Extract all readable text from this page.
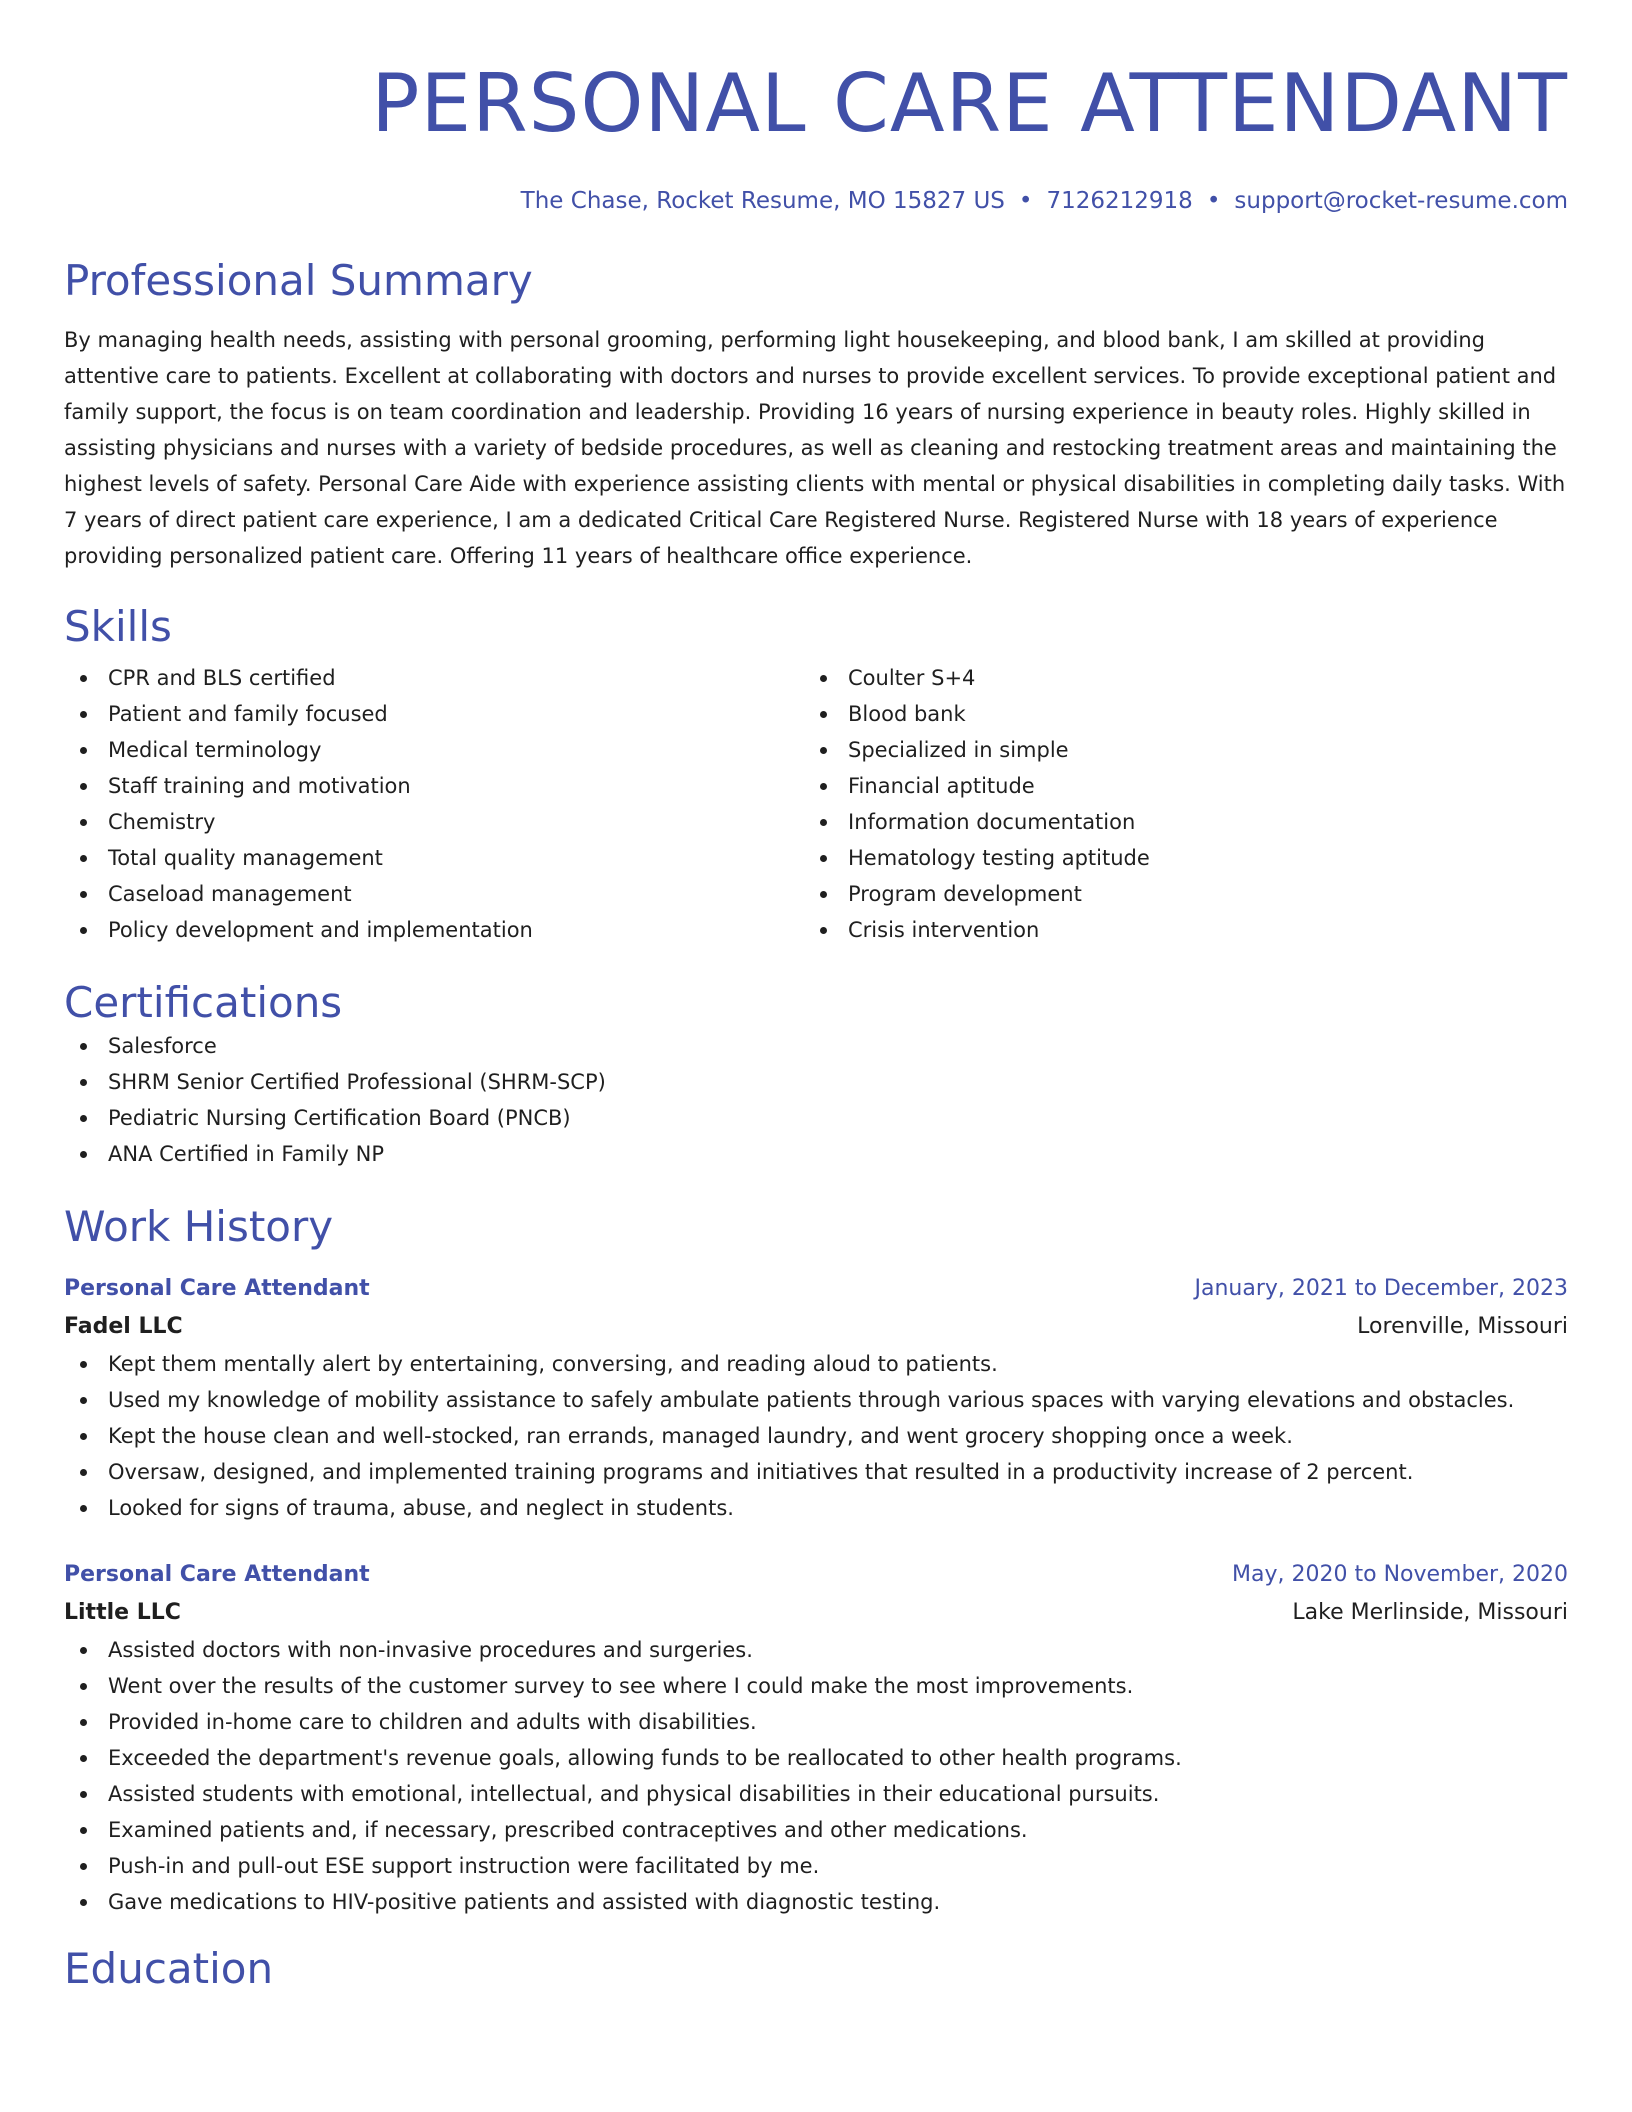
PERSONAL CARE ATTENDANT
The Chase, Rocket Resume, MO 15827 US • 7126212918 • support@rocket-resume.com
Professional Summary

By managing health needs, assisting with personal grooming, performing light housekeeping, and blood bank, I am skilled at providing attentive care to patients. Excellent at collaborating with doctors and nurses to provide excellent services. To provide exceptional patient and family support, the focus is on team coordination and leadership. Providing 16 years of nursing experience in beauty roles. Highly skilled in assisting physicians and nurses with a variety of bedside procedures, as well as cleaning and restocking treatment areas and maintaining the highest levels of safety. Personal Care Aide with experience assisting clients with mental or physical disabilities in completing daily tasks. With 7 years of direct patient care experience, I am a dedicated Critical Care Registered Nurse. Registered Nurse with 18 years of experience providing personalized patient care. Offering 11 years of healthcare office experience.

Skills
CPR and BLS certified
Patient and family focused
Medical terminology
Staff training and motivation
Chemistry
Total quality management
Caseload management
Policy development and implementation
Coulter S+4
Blood bank
Specialized in simple
Financial aptitude
Information documentation
Hematology testing aptitude
Program development
Crisis intervention
Certifications
Salesforce
SHRM Senior Certified Professional (SHRM-SCP)
Pediatric Nursing Certification Board (PNCB)
ANA Certified in Family NP
Work History
Personal Care Attendant	January, 2021 to December, 2023
Fadel LLC	Lorenville, Missouri
Kept them mentally alert by entertaining, conversing, and reading aloud to patients.
Used my knowledge of mobility assistance to safely ambulate patients through various spaces with varying elevations and obstacles.
Kept the house clean and well-stocked, ran errands, managed laundry, and went grocery shopping once a week.
Oversaw, designed, and implemented training programs and initiatives that resulted in a productivity increase of 2 percent.
Looked for signs of trauma, abuse, and neglect in students.
Personal Care Attendant	May, 2020 to November, 2020
Little LLC	Lake Merlinside, Missouri
Assisted doctors with non-invasive procedures and surgeries.
Went over the results of the customer survey to see where I could make the most improvements.
Provided in-home care to children and adults with disabilities.
Exceeded the department's revenue goals, allowing funds to be reallocated to other health programs.
Assisted students with emotional, intellectual, and physical disabilities in their educational pursuits.
Examined patients and, if necessary, prescribed contraceptives and other medications.
Push-in and pull-out ESE support instruction were facilitated by me.
Gave medications to HIV-positive patients and assisted with diagnostic testing.
Education
